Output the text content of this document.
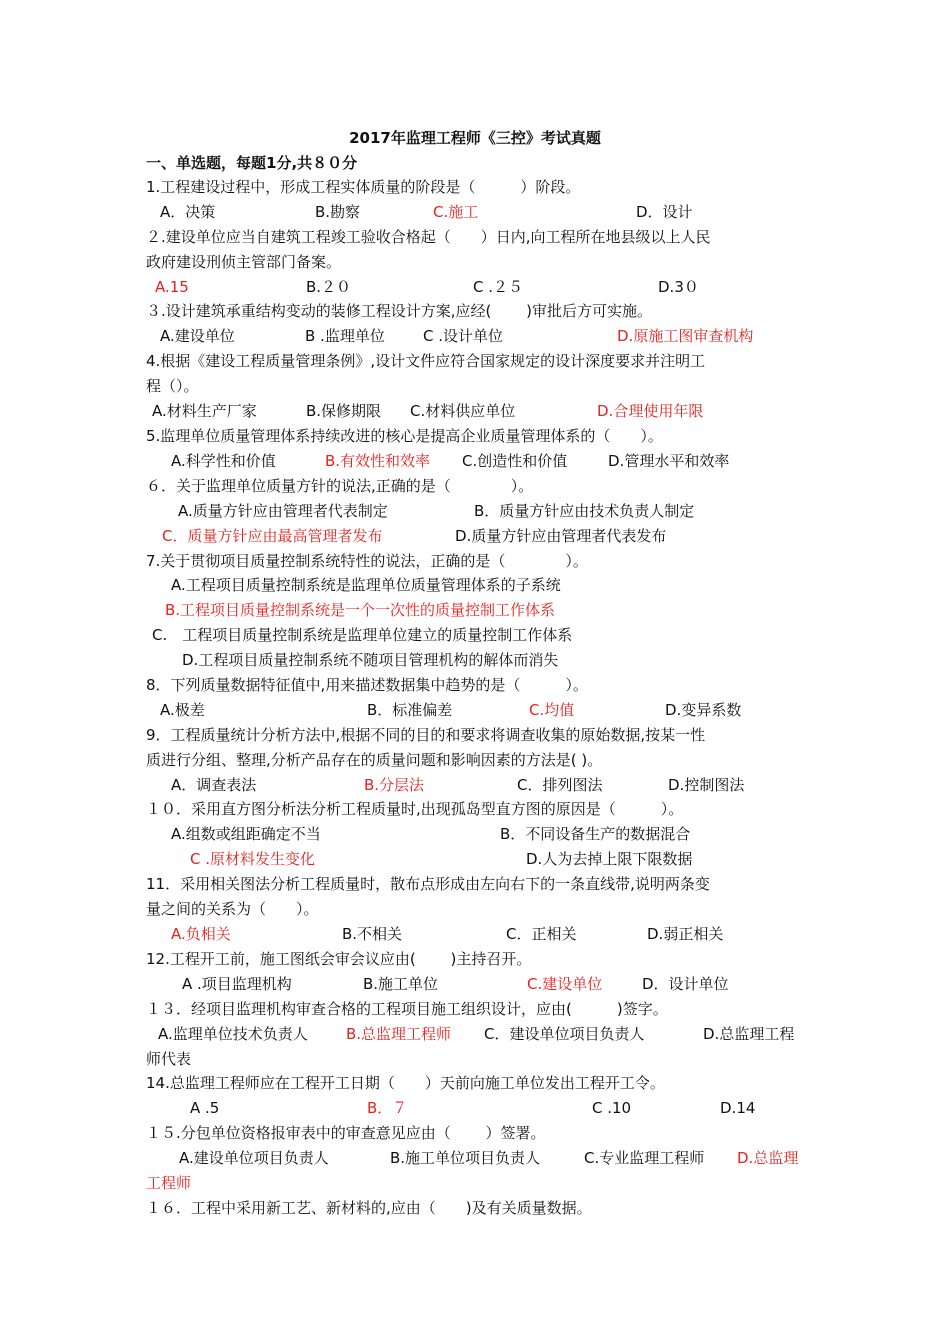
2017年监理工程师《三控》考试真题
一、单选题，每题1分,共８０分
1.工程建设过程中，形成工程实体质量的阶段是（　　　）阶段。
A．决策	B.勘察	C.施工	D．设计
２.建设单位应当自建筑工程竣工验收合格起（　　）日内,向工程所在地县级以上人民
政府建设刑侦主管部门备案。
A.15	B.２０	C .２５	D.3０
３.设计建筑承重结构变动的装修工程设计方案,应经(　　 )审批后方可实施。
A.建设单位	B .监理单位	C .设计单位	D.原施工图审查机构
4.根据《建设工程质量管理条例》,设计文件应符合国家规定的设计深度要求并注明工
程（）。
A.材料生产厂家	B.保修期限 C.材料供应单位	D.合理使用年限
5.监理单位质量管理体系持续改进的核心是提高企业质量管理体系的（　　）。
A.科学性和价值	B.有效性和效率 C.创造性和价值	D.管理水平和效率
６．关于监理单位质量方针的说法,正确的是（　　　　）。
A.质量方针应由管理者代表制定	B．质量方针应由技术负责人制定
C．质量方针应由最高管理者发布	D.质量方针应由管理者代表发布
7.关于贯彻项目质量控制系统特性的说法，正确的是（　　　　）。
A.工程项目质量控制系统是监理单位质量管理体系的子系统
B.工程项目质量控制系统是一个一次性的质量控制工作体系
C.　工程项目质量控制系统是监理单位建立的质量控制工作体系
D.工程项目质量控制系统不随项目管理机构的解体而消失
8．下列质量数据特征值中,用来描述数据集中趋势的是（　　　）。
A.极差	B．标准偏差	C.均值	D.变异系数
9．工程质量统计分析方法中,根据不同的目的和要求将调查收集的原始数据,按某一性
质进行分组、整理,分析产品存在的质量问题和影响因素的方法是( )。
A．调查表法	B.分层法	C．排列图法	D.控制图法
１０．采用直方图分析法分析工程质量时,出现孤岛型直方图的原因是（　　　）。
A.组数或组距确定不当	B．不同设备生产的数据混合
C .原材料发生变化	D.人为去掉上限下限数据
11．采用相关图法分析工程质量时，散布点形成由左向右下的一条直线带,说明两条变
量之间的关系为（　　）。
A.负相关	B.不相关	C．正相关	D.弱正相关
12.工程开工前，施工图纸会审会议应由(　　 )主持召开。
A .项目监理机构	B.施工单位	C.建设单位	D．设计单位
１３．经项目监理机构审查合格的工程项目施工组织设计，应由(　　　)签字。
A.监理单位技术负责人	B.总监理工程师 C．建设单位项目负责人	D.总监理工程
师代表
14.总监理工程师应在工程开工日期（　　）天前向施工单位发出工程开工令。
A .5	B．７	C .10	D.14
１５.分包单位资格报审表中的审查意见应由（　　 ）签署。
A.建设单位项目负责人	B.施工单位项目负责人	C.专业监理工程师 D.总监理
工程师
１６．工程中采用新工艺、新材料的,应由（　　)及有关质量数据。
